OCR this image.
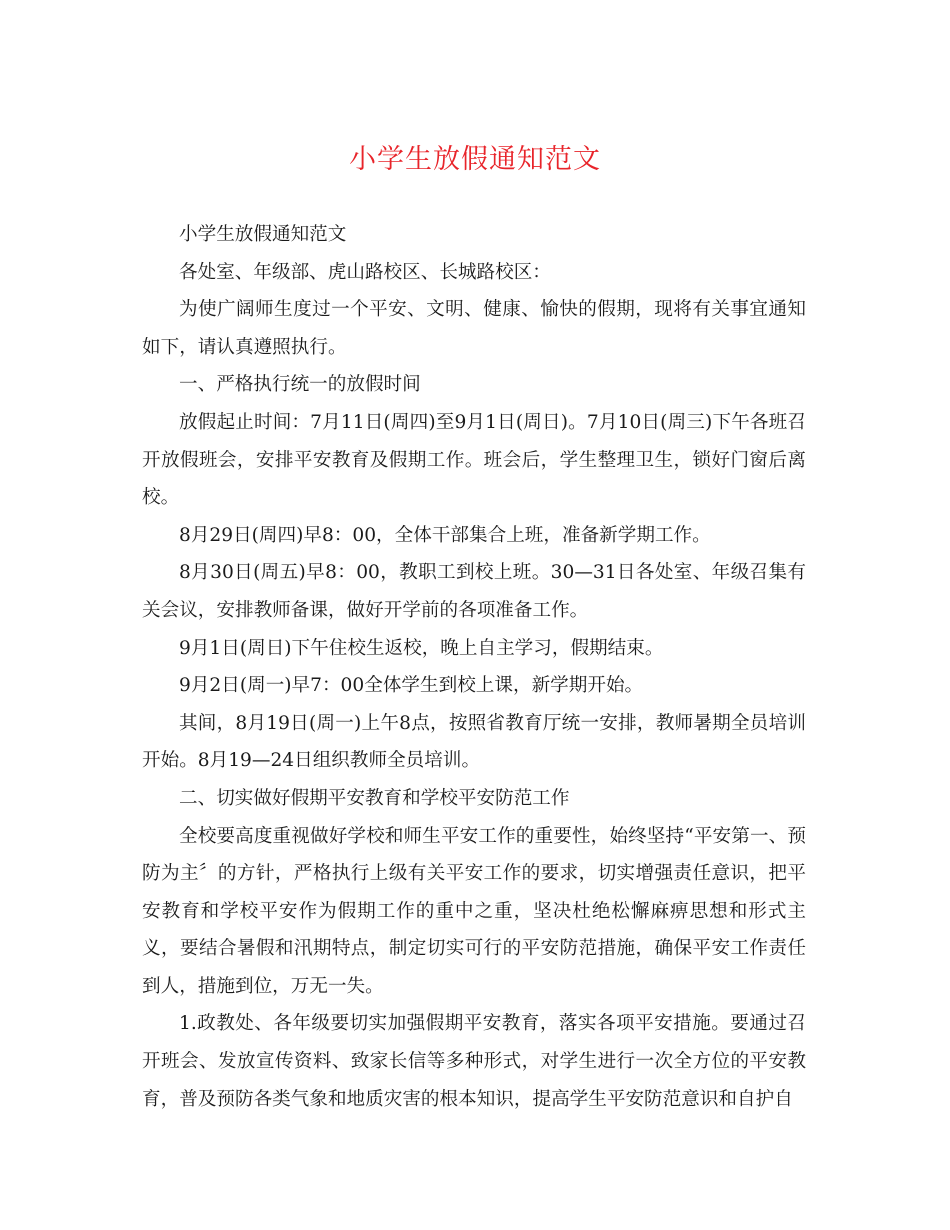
小学生放假通知范文

小学生放假通知范文

各处室、年级部、虎山路校区、长城路校区：

为使广阔师生度过一个平安、文明、健康、愉快的假期，现将有关事宜通知如下，请认真遵照执行。

一、严格执行统一的放假时间

放假起止时间：7月11日(周四)至9月1日(周日)。7月10日(周三)下午各班召开放假班会，安排平安教育及假期工作。班会后，学生整理卫生，锁好门窗后离校。

8月29日(周四)早8：00，全体干部集合上班，准备新学期工作。

8月30日(周五)早8：00，教职工到校上班。30—31日各处室、年级召集有关会议，安排教师备课，做好开学前的各项准备工作。

9月1日(周日)下午住校生返校，晚上自主学习，假期结束。

9月2日(周一)早7：00全体学生到校上课，新学期开始。

其间，8月19日(周一)上午8点，按照省教育厅统一安排，教师暑期全员培训开始。8月19—24日组织教师全员培训。

二、切实做好假期平安教育和学校平安防范工作

全校要高度重视做好学校和师生平安工作的重要性，始终坚持“平安第一、预防为主〞的方针，严格执行上级有关平安工作的要求，切实增强责任意识，把平安教育和学校平安作为假期工作的重中之重，坚决杜绝松懈麻痹思想和形式主义，要结合暑假和汛期特点，制定切实可行的平安防范措施，确保平安工作责任到人，措施到位，万无一失。

1.政教处、各年级要切实加强假期平安教育，落实各项平安措施。要通过召开班会、发放宣传资料、致家长信等多种形式，对学生进行一次全方位的平安教育，普及预防各类气象和地质灾害的根本知识，提高学生平安防范意识和自护自
